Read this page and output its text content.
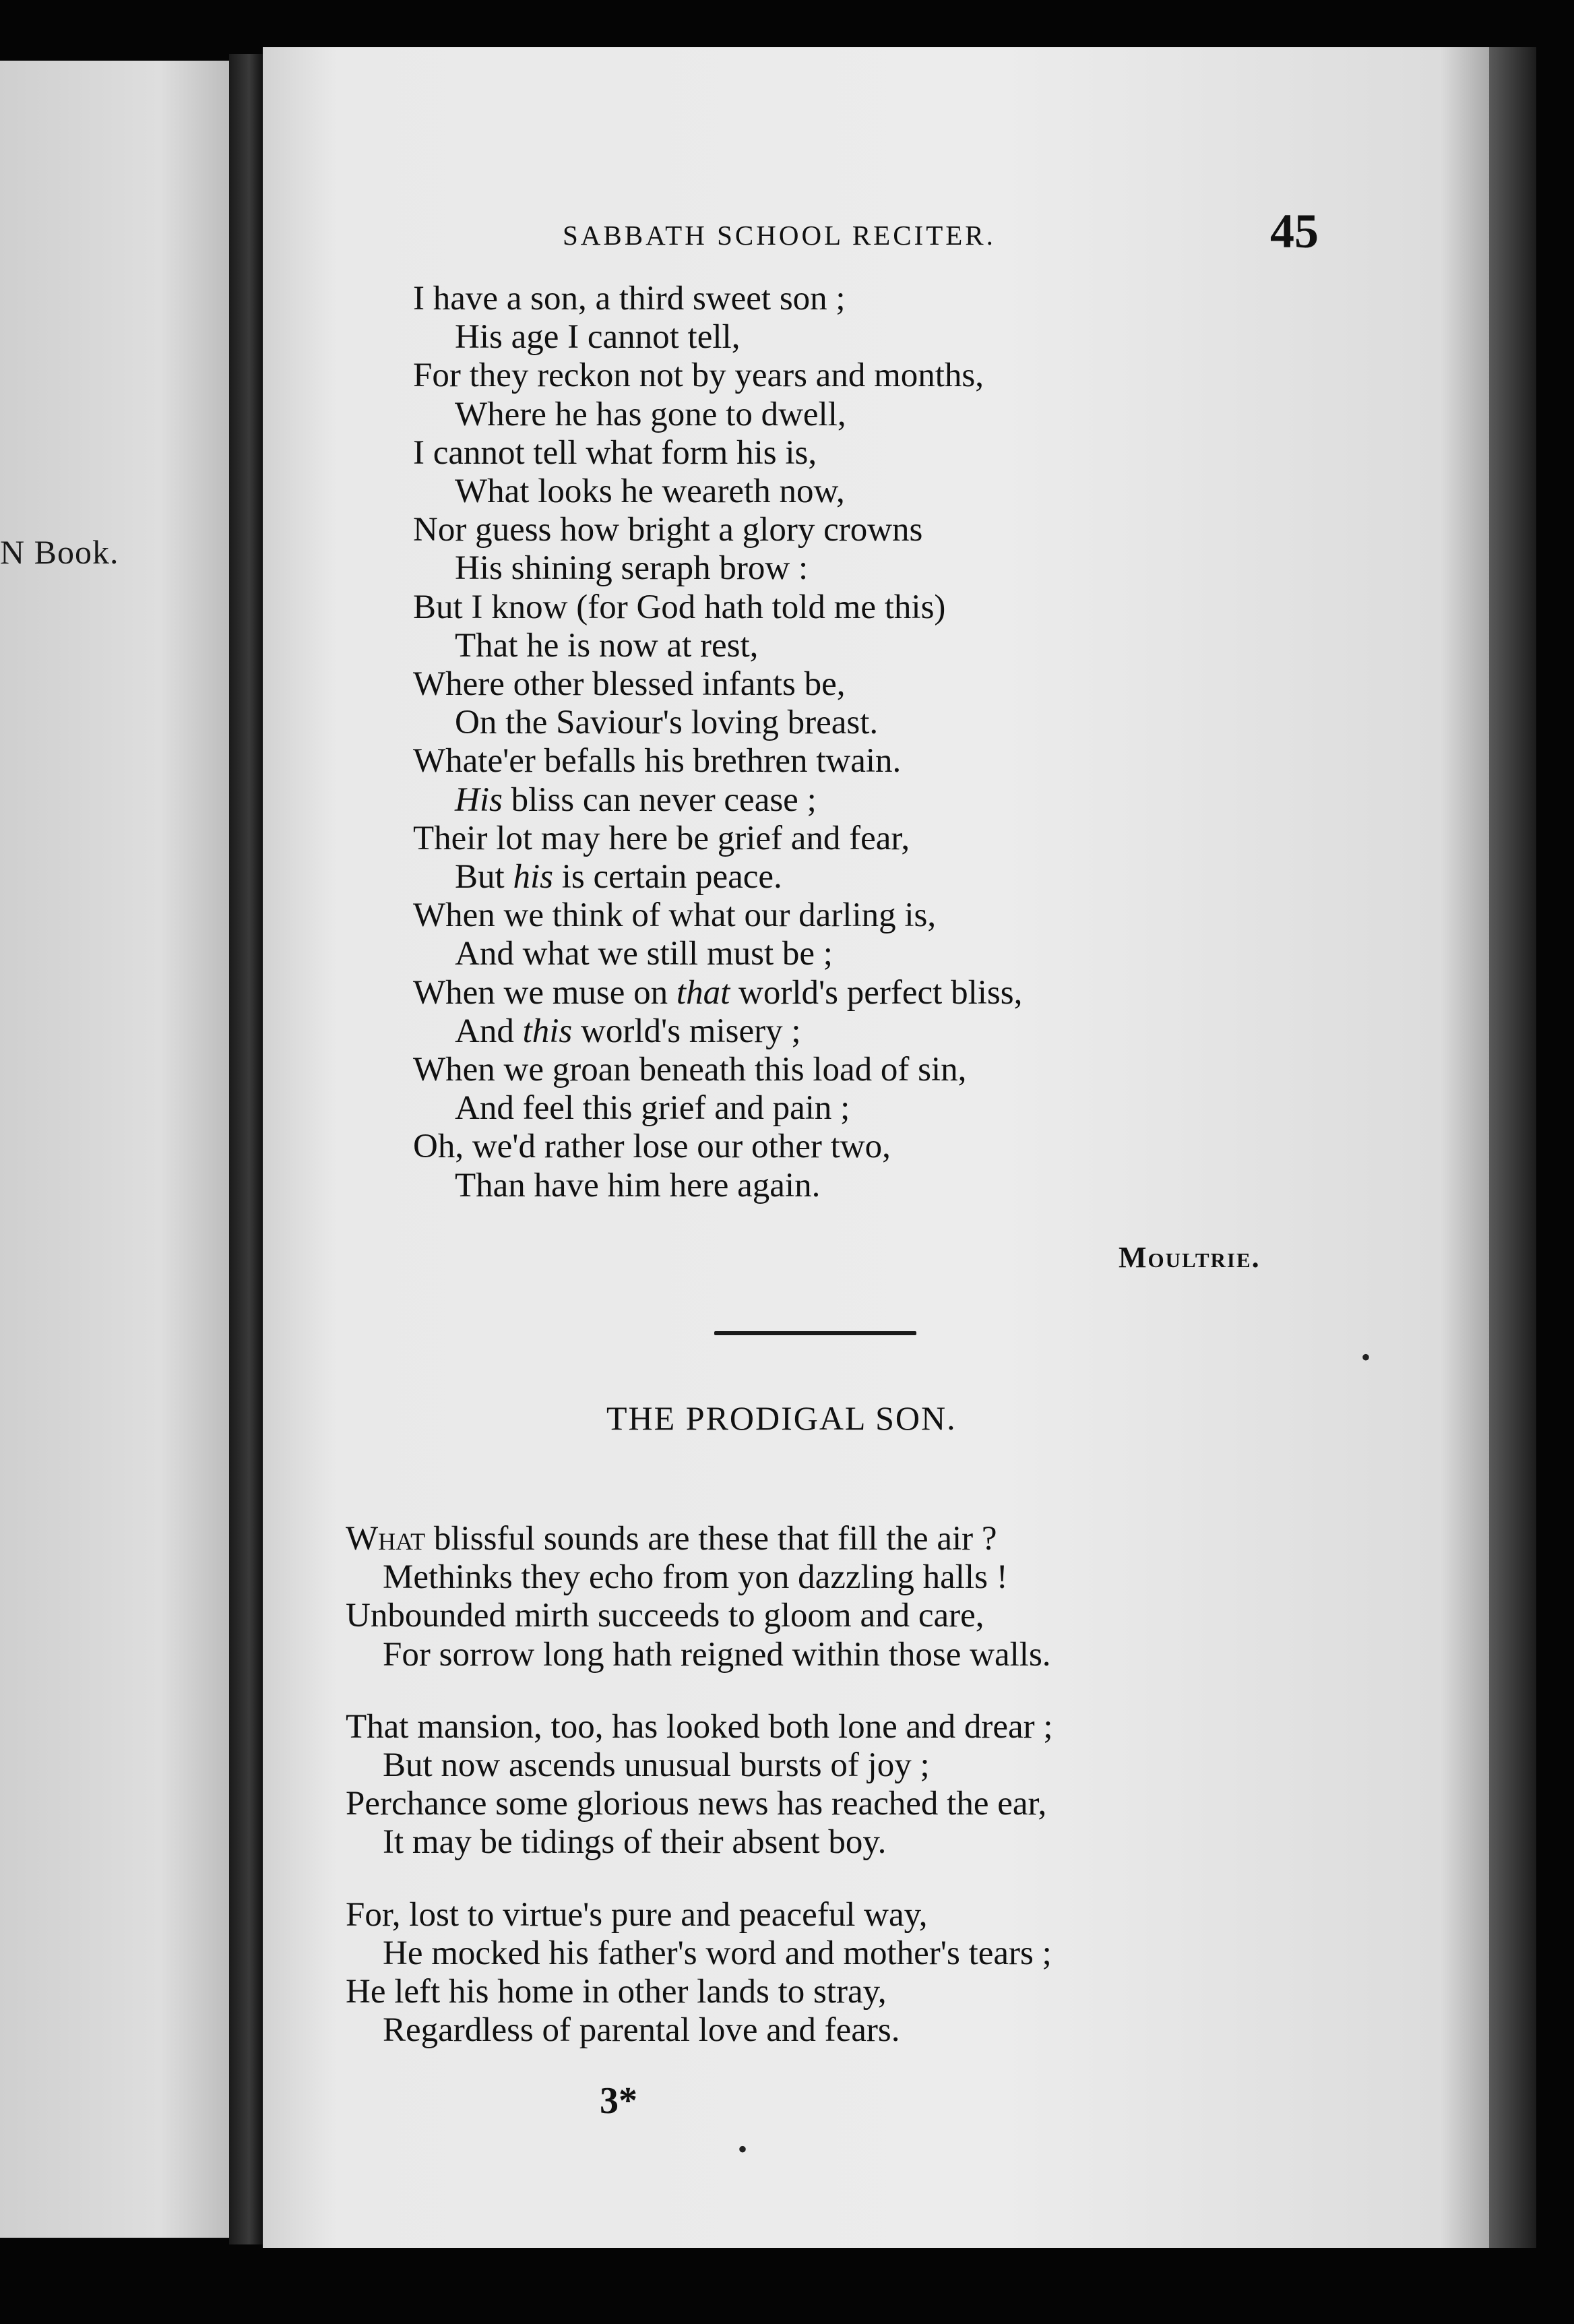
N Book.
SABBATH SCHOOL RECITER.	45
I have a son, a third sweet son ;
His age I cannot tell,
For they reckon not by years and months,
Where he has gone to dwell,
I cannot tell what form his is,
What looks he weareth now,
Nor guess how bright a glory crowns
His shining seraph brow :
But I know (for God hath told me this)
That he is now at rest,
Where other blessed infants be,
On the Saviour's loving breast.
Whate'er befalls his brethren twain.
His bliss can never cease ;
Their lot may here be grief and fear,
But his is certain peace.
When we think of what our darling is,
And what we still must be ;
When we muse on that world's perfect bliss,
And this world's misery ;
When we groan beneath this load of sin,
And feel this grief and pain ;
Oh, we'd rather lose our other two,
Than have him here again.
Moultrie.
THE PRODIGAL SON.
What blissful sounds are these that fill the air ?
Methinks they echo from yon dazzling halls !
Unbounded mirth succeeds to gloom and care,
For sorrow long hath reigned within those walls.
That mansion, too, has looked both lone and drear ;
But now ascends unusual bursts of joy ;
Perchance some glorious news has reached the ear,
It may be tidings of their absent boy.
For, lost to virtue's pure and peaceful way,
He mocked his father's word and mother's tears ;
He left his home in other lands to stray,
Regardless of parental love and fears.
3*
•
•
